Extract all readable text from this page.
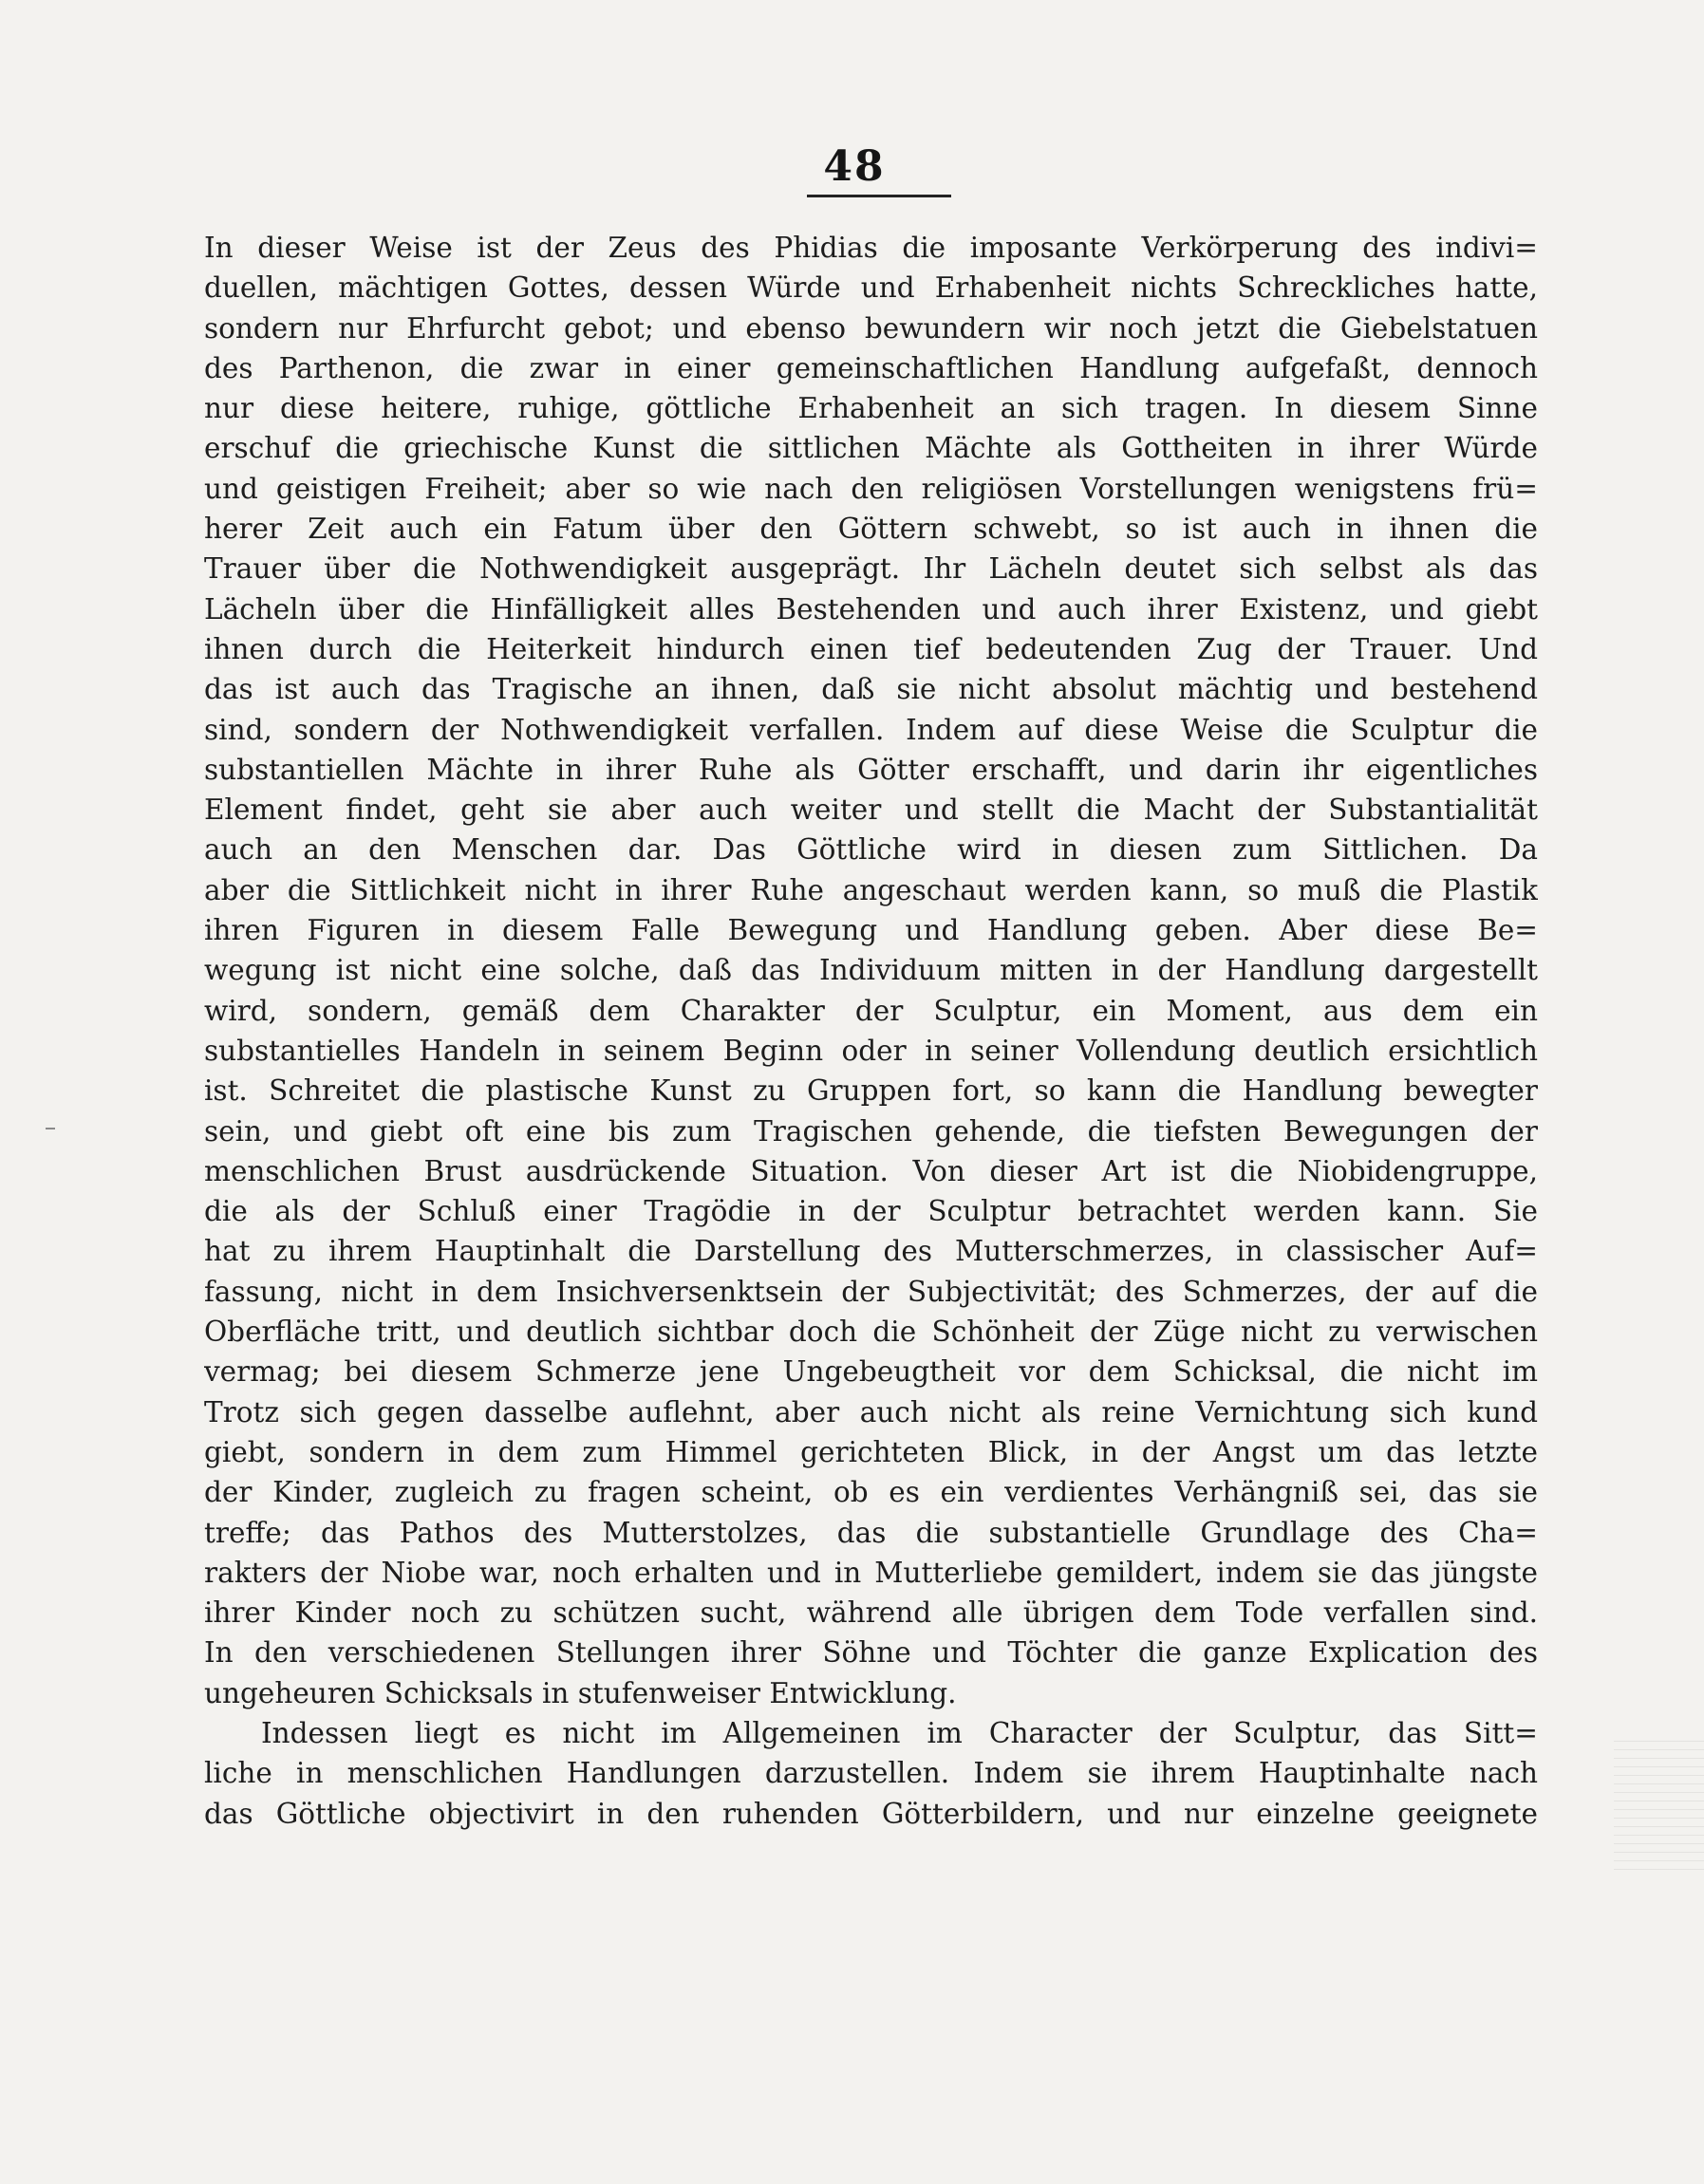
48
In dieser Weise ist der Zeus des Phidias die imposante Verkörperung des indivi=
duellen, mächtigen Gottes, dessen Würde und Erhabenheit nichts Schreckliches hatte,
sondern nur Ehrfurcht gebot; und ebenso bewundern wir noch jetzt die Giebelstatuen
des Parthenon, die zwar in einer gemeinschaftlichen Handlung aufgefaßt, dennoch
nur diese heitere, ruhige, göttliche Erhabenheit an sich tragen. In diesem Sinne
erschuf die griechische Kunst die sittlichen Mächte als Gottheiten in ihrer Würde
und geistigen Freiheit; aber so wie nach den religiösen Vorstellungen wenigstens frü=
herer Zeit auch ein Fatum über den Göttern schwebt, so ist auch in ihnen die
Trauer über die Nothwendigkeit ausgeprägt. Ihr Lächeln deutet sich selbst als das
Lächeln über die Hinfälligkeit alles Bestehenden und auch ihrer Existenz, und giebt
ihnen durch die Heiterkeit hindurch einen tief bedeutenden Zug der Trauer. Und
das ist auch das Tragische an ihnen, daß sie nicht absolut mächtig und bestehend
sind, sondern der Nothwendigkeit verfallen. Indem auf diese Weise die Sculptur die
substantiellen Mächte in ihrer Ruhe als Götter erschafft, und darin ihr eigentliches
Element findet, geht sie aber auch weiter und stellt die Macht der Substantialität
auch an den Menschen dar. Das Göttliche wird in diesen zum Sittlichen. Da
aber die Sittlichkeit nicht in ihrer Ruhe angeschaut werden kann, so muß die Plastik
ihren Figuren in diesem Falle Bewegung und Handlung geben. Aber diese Be=
wegung ist nicht eine solche, daß das Individuum mitten in der Handlung dargestellt
wird, sondern, gemäß dem Charakter der Sculptur, ein Moment, aus dem ein
substantielles Handeln in seinem Beginn oder in seiner Vollendung deutlich ersichtlich
ist. Schreitet die plastische Kunst zu Gruppen fort, so kann die Handlung bewegter
sein, und giebt oft eine bis zum Tragischen gehende, die tiefsten Bewegungen der
menschlichen Brust ausdrückende Situation. Von dieser Art ist die Niobidengruppe,
die als der Schluß einer Tragödie in der Sculptur betrachtet werden kann. Sie
hat zu ihrem Hauptinhalt die Darstellung des Mutterschmerzes, in classischer Auf=
fassung, nicht in dem Insichversenktsein der Subjectivität; des Schmerzes, der auf die
Oberfläche tritt, und deutlich sichtbar doch die Schönheit der Züge nicht zu verwischen
vermag; bei diesem Schmerze jene Ungebeugtheit vor dem Schicksal, die nicht im
Trotz sich gegen dasselbe auflehnt, aber auch nicht als reine Vernichtung sich kund
giebt, sondern in dem zum Himmel gerichteten Blick, in der Angst um das letzte
der Kinder, zugleich zu fragen scheint, ob es ein verdientes Verhängniß sei, das sie
treffe; das Pathos des Mutterstolzes, das die substantielle Grundlage des Cha=
rakters der Niobe war, noch erhalten und in Mutterliebe gemildert, indem sie das jüngste
ihrer Kinder noch zu schützen sucht, während alle übrigen dem Tode verfallen sind.
In den verschiedenen Stellungen ihrer Söhne und Töchter die ganze Explication des
ungeheuren Schicksals in stufenweiser Entwicklung.
Indessen liegt es nicht im Allgemeinen im Character der Sculptur, das Sitt=
liche in menschlichen Handlungen darzustellen. Indem sie ihrem Hauptinhalte nach
das Göttliche objectivirt in den ruhenden Götterbildern, und nur einzelne geeignete
